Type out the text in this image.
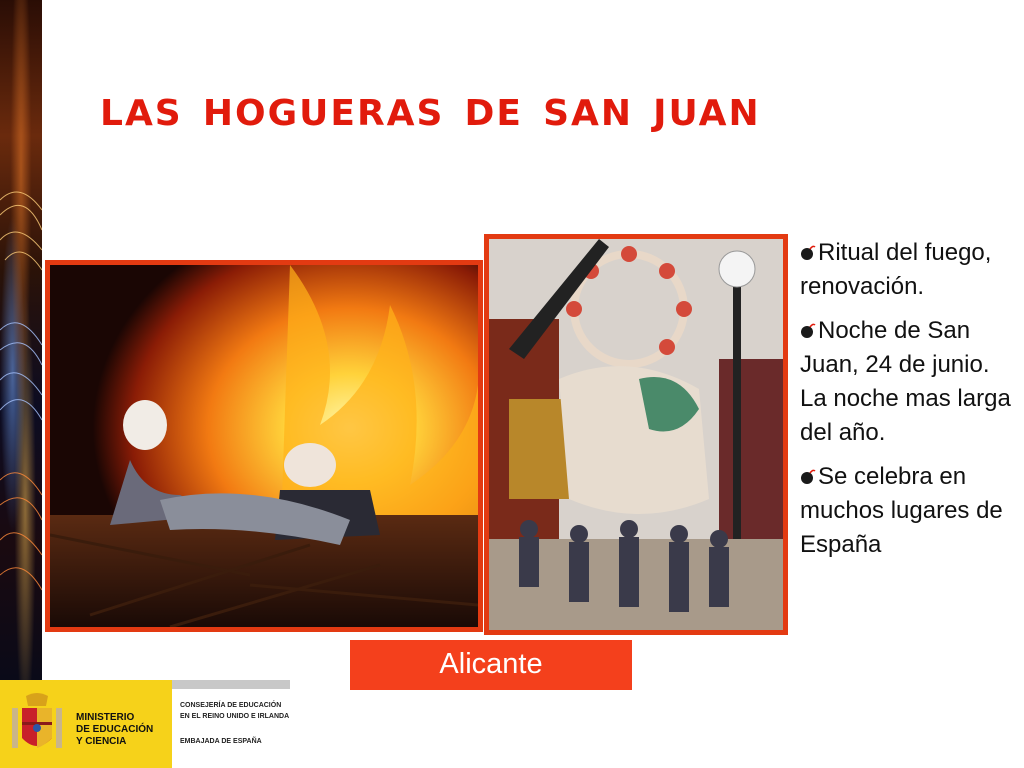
las hogueras de san juan
Alicante
Ritual del fuego, renovación.
Noche de San Juan, 24 de junio. La noche mas larga del año.
Se celebra en muchos lugares de España
MINISTERIO
DE EDUCACIÓN
Y CIENCIA
CONSEJERÍA DE EDUCACIÓN
EN EL REINO UNIDO E IRLANDA
EMBAJADA DE ESPAÑA
